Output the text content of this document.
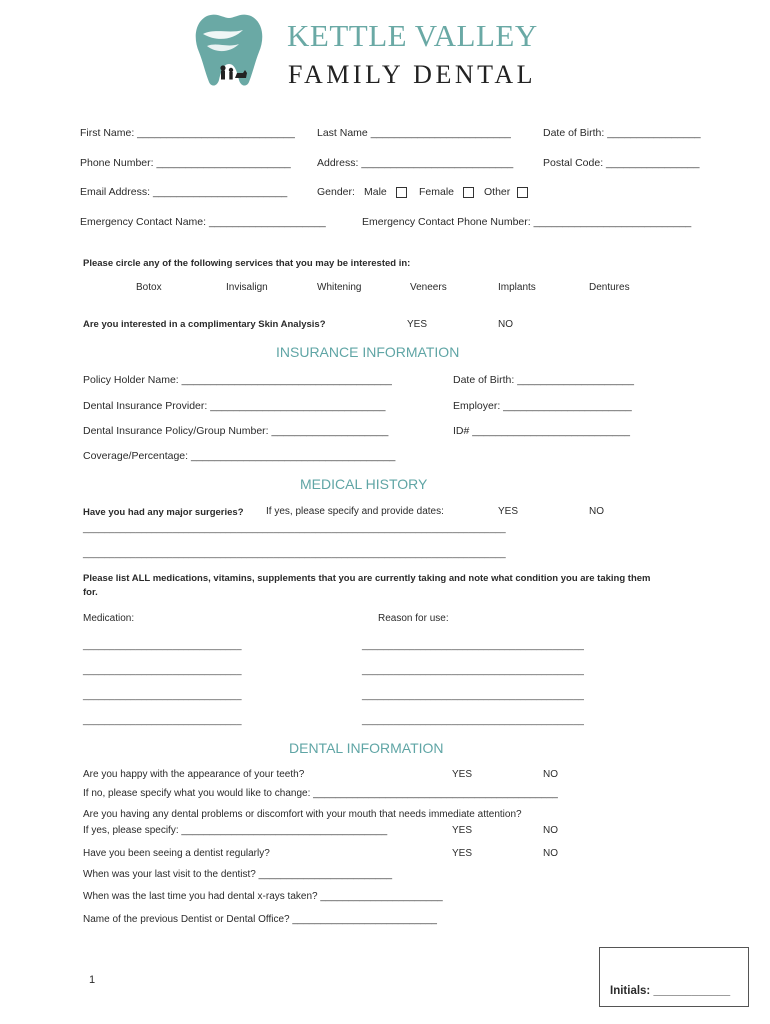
KETTLE VALLEY
FAMILY DENTAL
First Name: ___________________________ Last Name ________________________	Date of Birth: ________________
Phone Number: _______________________ Address: __________________________	Postal Code: ________________
Email Address: _______________________	Gender: Male	Female	Other
Emergency Contact Name: ____________________	Emergency Contact Phone Number: ___________________________
Please circle any of the following services that you may be interested in:
Botox	Invisalign	Whitening	Veneers	Implants	Dentures
Are you interested in a complimentary Skin Analysis?	YES	NO
INSURANCE INFORMATION
Policy Holder Name: ____________________________________	Date of Birth: ____________________
Dental Insurance Provider: ______________________________	Employer: ______________________
Dental Insurance Policy/Group Number: ____________________	ID# ___________________________
Coverage/Percentage: ___________________________________
MEDICAL HISTORY
Have you had any major surgeries? If yes, please specify and provide dates:	YES	NO
________________________________________________________________________________
________________________________________________________________________________
Please list ALL medications, vitamins, supplements that you are currently taking and note what condition you are taking them
for.
Medication:	Reason for use:
______________________________	__________________________________________
______________________________	__________________________________________
______________________________	__________________________________________
______________________________	__________________________________________
DENTAL INFORMATION
Are you happy with the appearance of your teeth?	YES	NO
If no, please specify what you would like to change: ____________________________________________
Are you having any dental problems or discomfort with your mouth that needs immediate attention?
If yes, please specify: _____________________________________	YES	NO
Have you been seeing a dentist regularly?	YES	NO
When was your last visit to the dentist? ________________________
When was the last time you had dental x-rays taken? ______________________
Name of the previous Dentist or Dental Office? __________________________
1
Initials: ____________
